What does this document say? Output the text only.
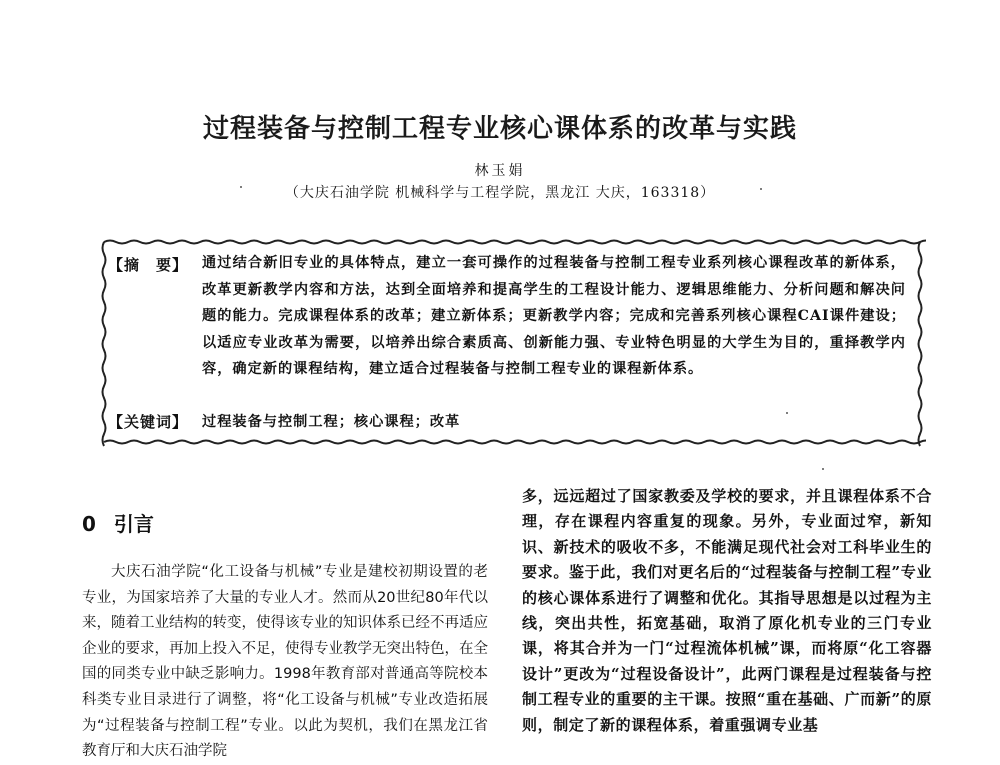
过程装备与控制工程专业核心课体系的改革与实践
林玉娟
（大庆石油学院 机械科学与工程学院，黑龙江 大庆，163318）
【摘　要】 通过结合新旧专业的具体特点，建立一套可操作的过程装备与控制工程专业系列核心课程改革的新体系，改革更新教学内容和方法，达到全面培养和提高学生的工程设计能力、逻辑思维能力、分析问题和解决问题的能力。完成课程体系的改革；建立新体系；更新教学内容；完成和完善系列核心课程CAI课件建设；以适应专业改革为需要，以培养出综合素质高、创新能力强、专业特色明显的大学生为目的，重择教学内容，确定新的课程结构，建立适合过程装备与控制工程专业的课程新体系。
【关键词】 过程装备与控制工程；核心课程；改革
0 引言

大庆石油学院“化工设备与机械”专业是建校初期设置的老专业，为国家培养了大量的专业人才。然而从20世纪80年代以来，随着工业结构的转变，使得该专业的知识体系已经不再适应企业的要求，再加上投入不足，使得专业教学无突出特色，在全国的同类专业中缺乏影响力。1998年教育部对普通高等院校本科类专业目录进行了调整，将“化工设备与机械”专业改造拓展为“过程装备与控制工程”专业。以此为契机，我们在黑龙江省教育厅和大庆石油学院

多，远远超过了国家教委及学校的要求，并且课程体系不合理，存在课程内容重复的现象。另外，专业面过窄，新知识、新技术的吸收不多，不能满足现代社会对工科毕业生的要求。鉴于此，我们对更名后的“过程装备与控制工程”专业的核心课体系进行了调整和优化。其指导思想是以过程为主线，突出共性，拓宽基础，取消了原化机专业的三门专业课，将其合并为一门“过程流体机械”课，而将原“化工容器设计”更改为“过程设备设计”，此两门课程是过程装备与控制工程专业的重要的主干课。按照“重在基础、广而新”的原则，制定了新的课程体系，着重强调专业基
